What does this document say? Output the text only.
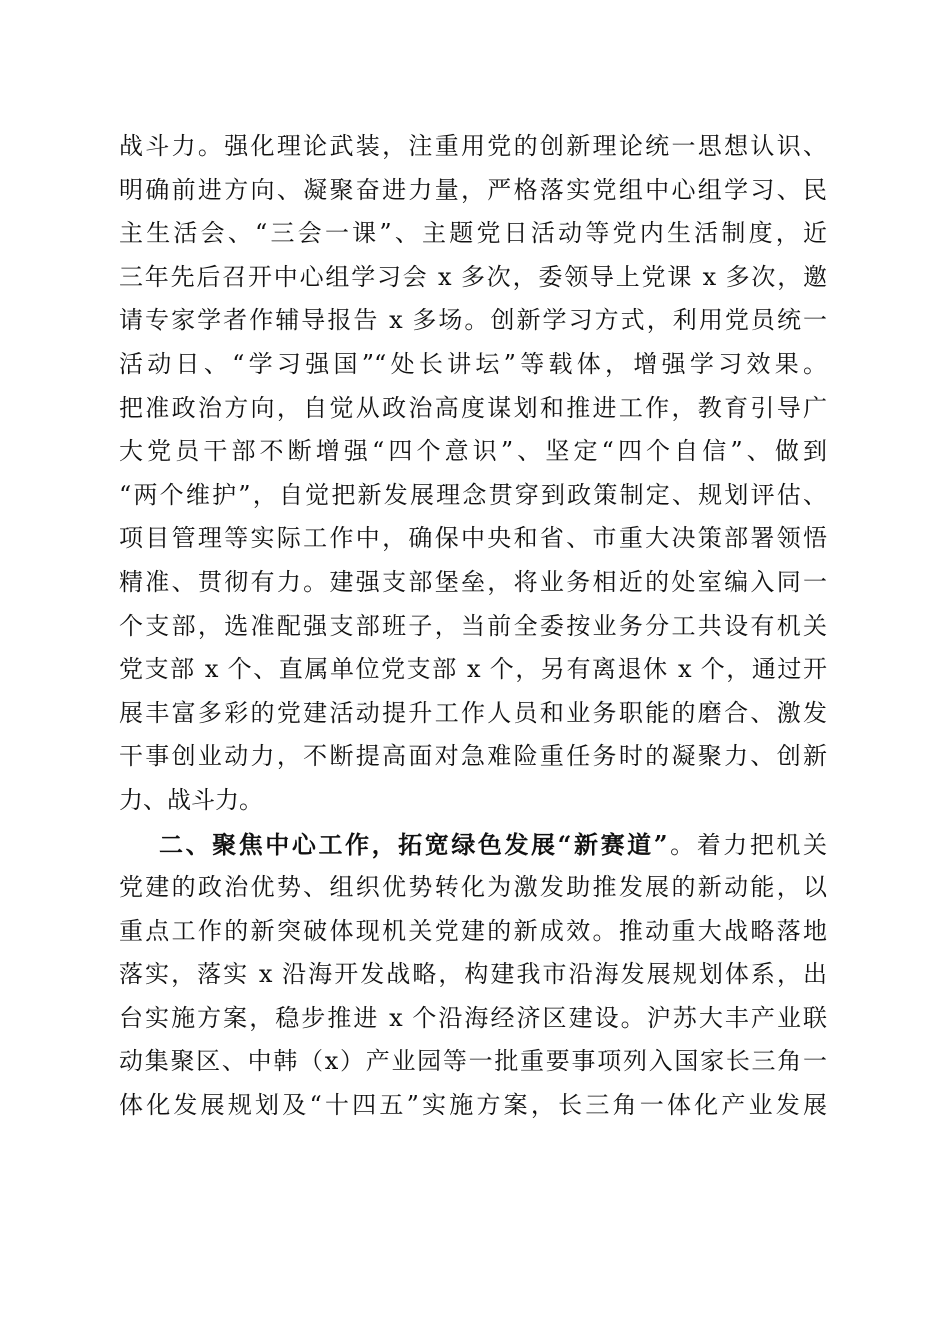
战斗力。强化理论武装，注重用党的创新理论统一思想认识、
明确前进方向、凝聚奋进力量，严格落实党组中心组学习、民
主生活会、“三会一课”、主题党日活动等党内生活制度，近
三年先后召开中心组学习会 x 多次，委领导上党课 x 多次，邀
请专家学者作辅导报告 x 多场。创新学习方式，利用党员统一
活动日、“学习强国”“处长讲坛”等载体，增强学习效果。
把准政治方向，自觉从政治高度谋划和推进工作，教育引导广
大党员干部不断增强“四个意识”、坚定“四个自信”、做到
“两个维护”，自觉把新发展理念贯穿到政策制定、规划评估、
项目管理等实际工作中，确保中央和省、市重大决策部署领悟
精准、贯彻有力。建强支部堡垒，将业务相近的处室编入同一
个支部，选准配强支部班子，当前全委按业务分工共设有机关
党支部 x 个、直属单位党支部 x 个，另有离退休 x 个，通过开
展丰富多彩的党建活动提升工作人员和业务职能的磨合、激发
干事创业动力，不断提高面对急难险重任务时的凝聚力、创新
力、战斗力。
二、聚焦中心工作，拓宽绿色发展“新赛道”。着力把机关
党建的政治优势、组织优势转化为激发助推发展的新动能，以
重点工作的新突破体现机关党建的新成效。推动重大战略落地
落实，落实 x 沿海开发战略，构建我市沿海发展规划体系，出
台实施方案，稳步推进 x 个沿海经济区建设。沪苏大丰产业联
动集聚区、中韩（x）产业园等一批重要事项列入国家长三角一
体化发展规划及“十四五”实施方案，长三角一体化产业发展
